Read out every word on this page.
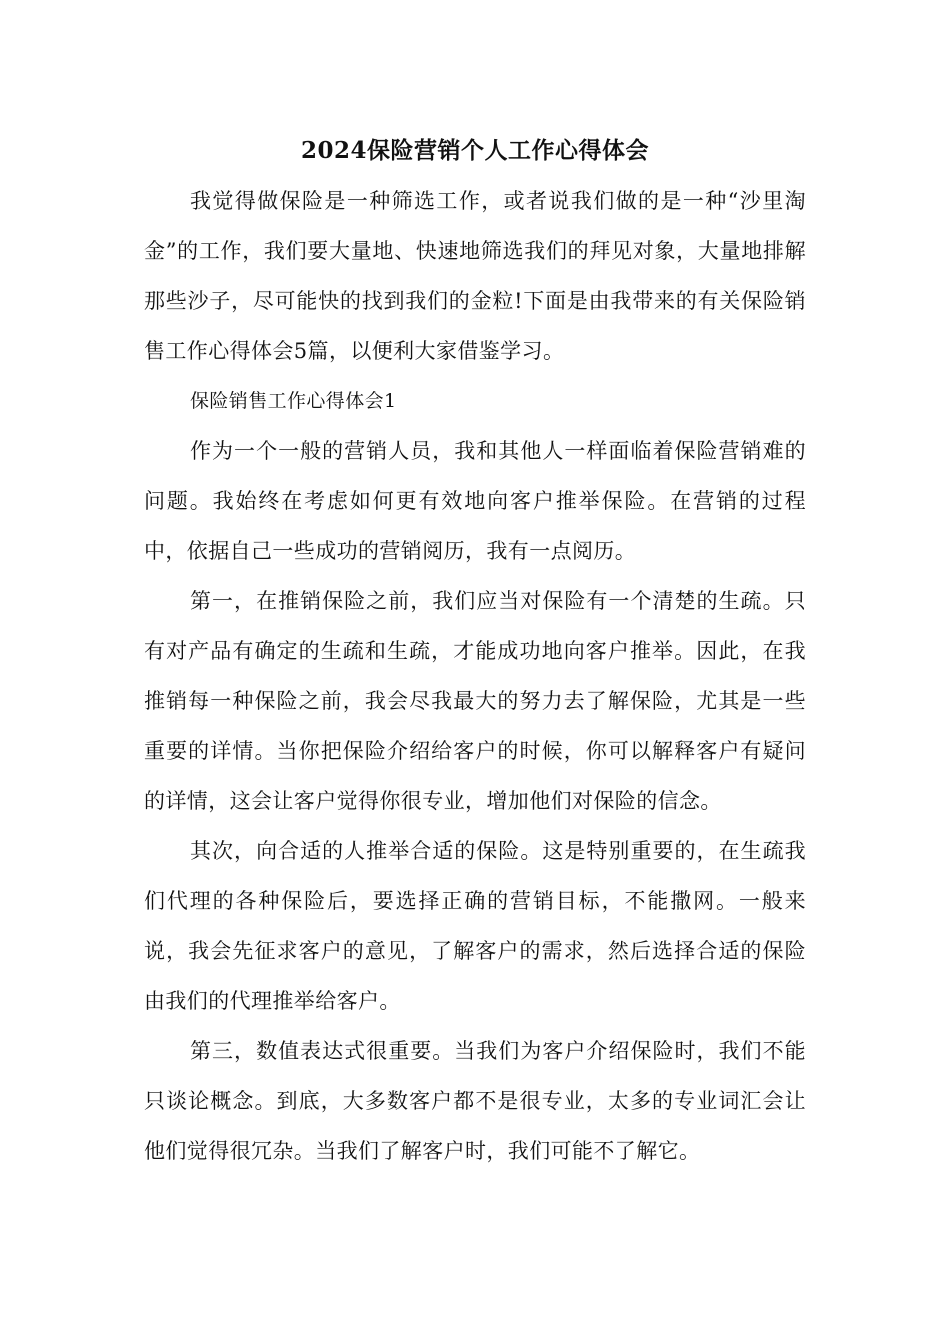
2024保险营销个人工作心得体会

我觉得做保险是一种筛选工作，或者说我们做的是一种“沙里淘金”的工作，我们要大量地、快速地筛选我们的拜见对象，大量地排解那些沙子，尽可能快的找到我们的金粒!下面是由我带来的有关保险销售工作心得体会5篇，以便利大家借鉴学习。

保险销售工作心得体会1

作为一个一般的营销人员，我和其他人一样面临着保险营销难的问题。我始终在考虑如何更有效地向客户推举保险。在营销的过程中，依据自己一些成功的营销阅历，我有一点阅历。

第一，在推销保险之前，我们应当对保险有一个清楚的生疏。只有对产品有确定的生疏和生疏，才能成功地向客户推举。因此，在我推销每一种保险之前，我会尽我最大的努力去了解保险，尤其是一些重要的详情。当你把保险介绍给客户的时候，你可以解释客户有疑问的详情，这会让客户觉得你很专业，增加他们对保险的信念。

其次，向合适的人推举合适的保险。这是特别重要的，在生疏我们代理的各种保险后，要选择正确的营销目标，不能撒网。一般来说，我会先征求客户的意见，了解客户的需求，然后选择合适的保险由我们的代理推举给客户。

第三，数值表达式很重要。当我们为客户介绍保险时，我们不能只谈论概念。到底，大多数客户都不是很专业，太多的专业词汇会让他们觉得很冗杂。当我们了解客户时，我们可能不了解它。
